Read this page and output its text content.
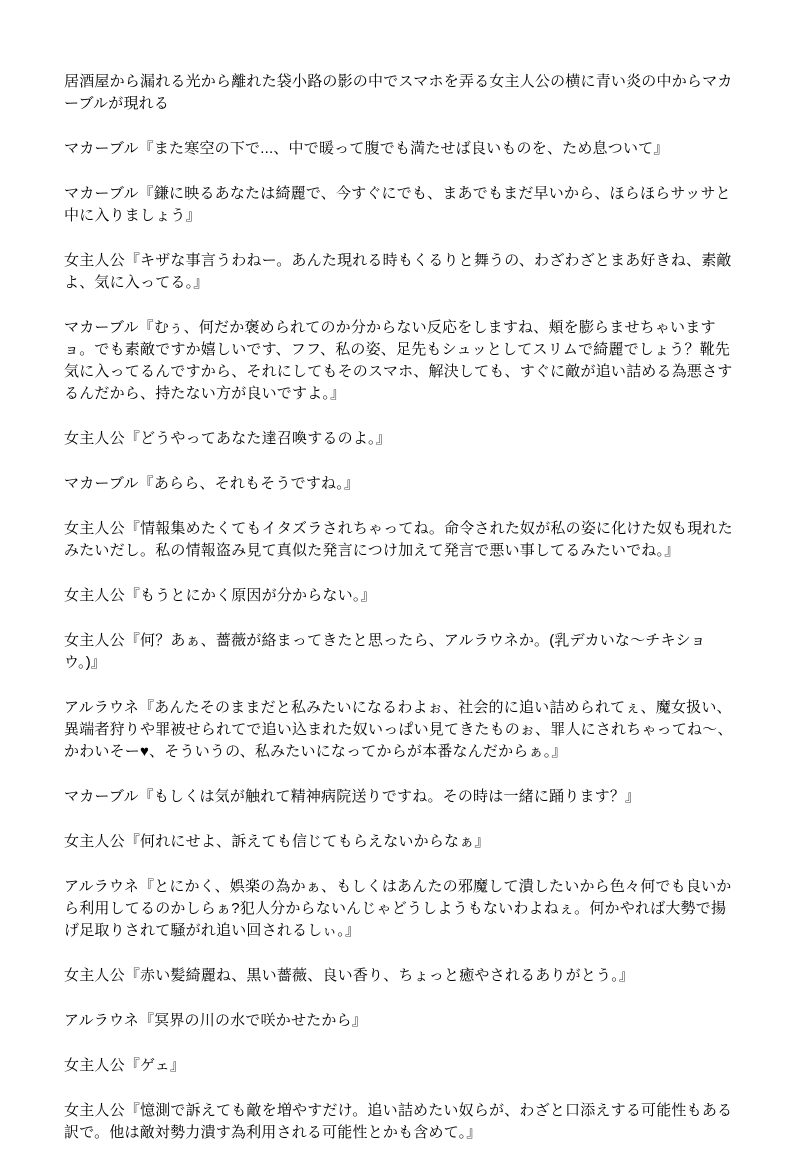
居酒屋から漏れる光から離れた袋小路の影の中でスマホを弄る女主人公の横に青い炎の中からマカーブルが現れる

マカーブル『また寒空の下で...、中で暖って腹でも満たせば良いものを、ため息ついて』

マカーブル『鎌に映るあなたは綺麗で、今すぐにでも、まあでもまだ早いから、ほらほらサッサと中に入りましょう』

女主人公『キザな事言うわねー。あんた現れる時もくるりと舞うの、わざわざとまあ好きね、素敵よ、気に入ってる。』

マカーブル『むぅ、何だか褒められてのか分からない反応をしますね、頬を膨らませちゃいますョ。でも素敵ですか嬉しいです、フフ、私の姿、足先もシュッとしてスリムで綺麗でしょう？靴先気に入ってるんですから、それにしてもそのスマホ、解決しても、すぐに敵が追い詰める為悪さするんだから、持たない方が良いですよ。』

女主人公『どうやってあなた達召喚するのよ。』

マカーブル『あらら、それもそうですね。』

女主人公『情報集めたくてもイタズラされちゃってね。命令された奴が私の姿に化けた奴も現れたみたいだし。私の情報盗み見て真似た発言につけ加えて発言で悪い事してるみたいでね。』

女主人公『もうとにかく原因が分からない。』

女主人公『何？あぁ、薔薇が絡まってきたと思ったら、アルラウネか。(乳デカいな～チキショウ。)』

アルラウネ『あんたそのままだと私みたいになるわよぉ、社会的に追い詰められてぇ、魔女扱い、異端者狩りや罪被せられてで追い込まれた奴いっぱい見てきたものぉ、罪人にされちゃってね～、かわいそー♥、そういうの、私みたいになってからが本番なんだからぁ。』

マカーブル『もしくは気が触れて精神病院送りですね。その時は一緒に踊ります？』

女主人公『何れにせよ、訴えても信じてもらえないからなぁ』

アルラウネ『とにかく、娯楽の為かぁ、もしくはあんたの邪魔して潰したいから色々何でも良いから利用してるのかしらぁ?犯人分からないんじゃどうしようもないわよねぇ。何かやれば大勢で揚げ足取りされて騒がれ追い回されるしぃ。』

女主人公『赤い髪綺麗ね、黒い薔薇、良い香り、ちょっと癒やされるありがとう。』

アルラウネ『冥界の川の水で咲かせたから』

女主人公『ゲェ』

女主人公『憶測で訴えても敵を増やすだけ。追い詰めたい奴らが、わざと口添えする可能性もある訳で。他は敵対勢力潰す為利用される可能性とかも含めて。』
